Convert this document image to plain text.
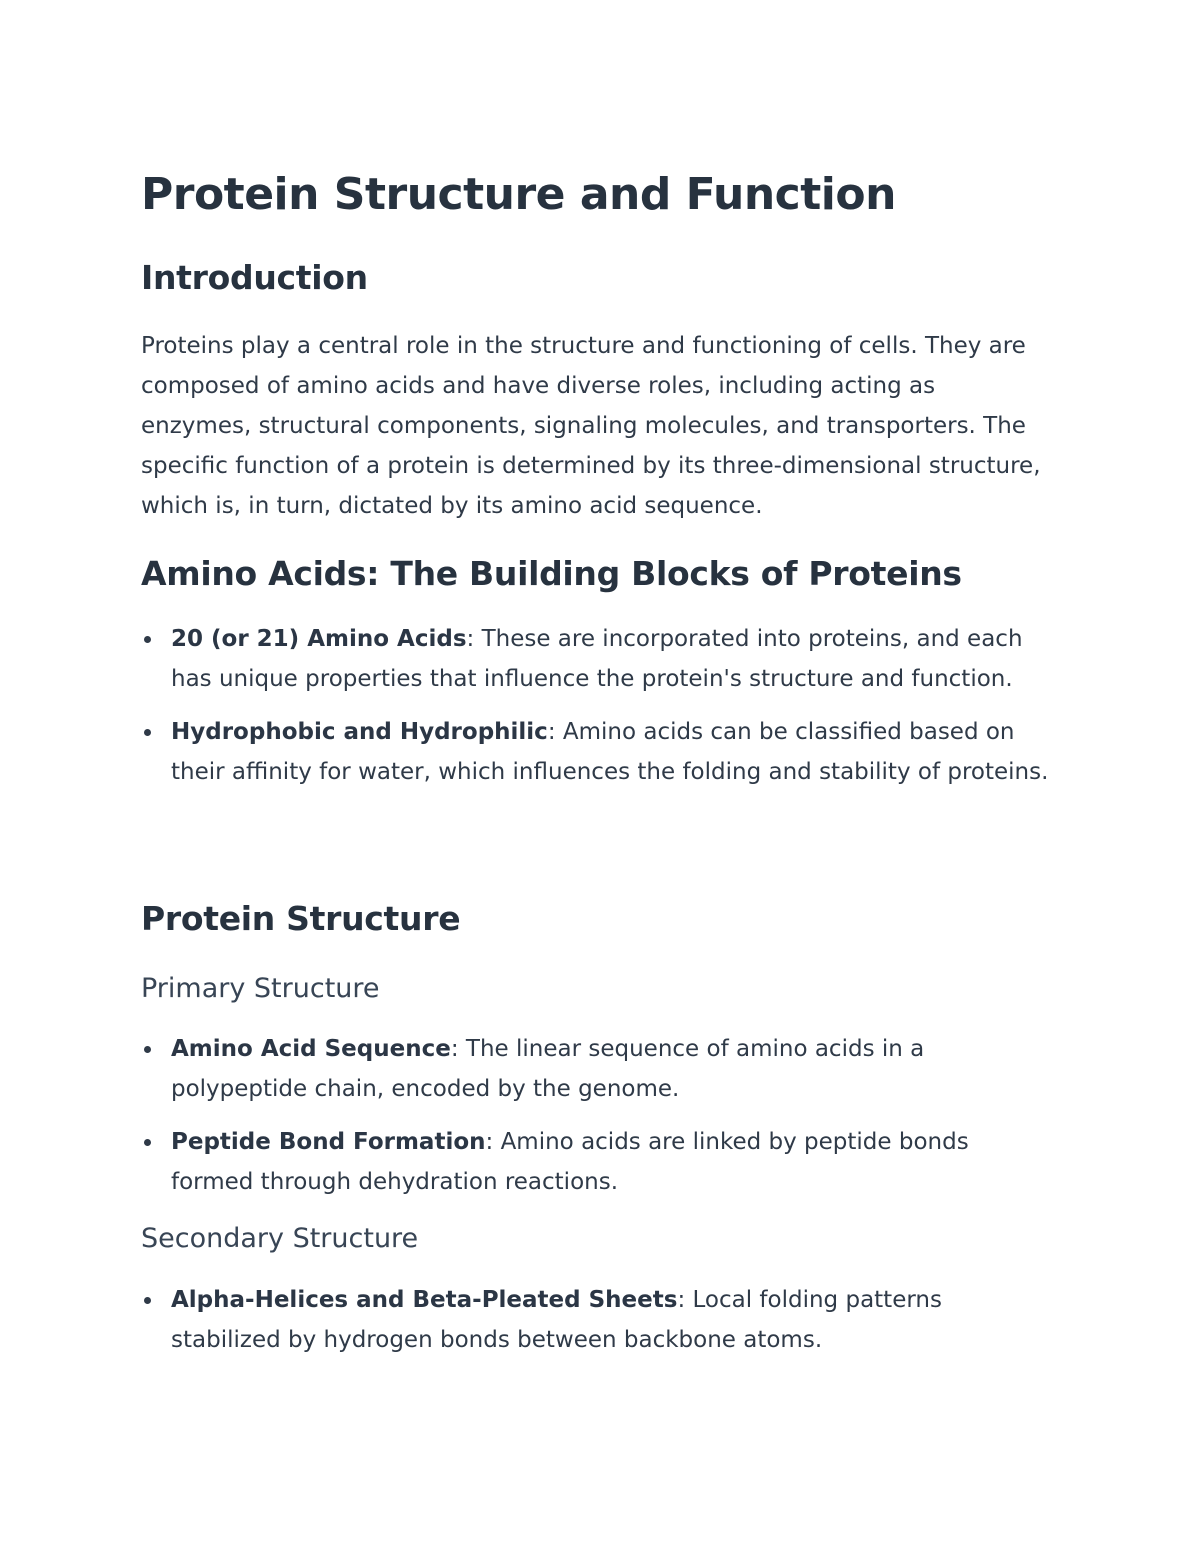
Protein Structure and Function
Introduction

Proteins play a central role in the structure and functioning of cells. They are composed of amino acids and have diverse roles, including acting as enzymes, structural components, signaling molecules, and transporters. The specific function of a protein is determined by its three-dimensional structure, which is, in turn, dictated by its amino acid sequence.

Amino Acids: The Building Blocks of Proteins
20 (or 21) Amino Acids: These are incorporated into proteins, and each has unique properties that influence the protein's structure and function.
Hydrophobic and Hydrophilic: Amino acids can be classified based on their affinity for water, which influences the folding and stability of proteins.
Protein Structure
Primary Structure
Amino Acid Sequence: The linear sequence of amino acids in a polypeptide chain, encoded by the genome.
Peptide Bond Formation: Amino acids are linked by peptide bonds formed through dehydration reactions.
Secondary Structure
Alpha-Helices and Beta-Pleated Sheets: Local folding patterns stabilized by hydrogen bonds between backbone atoms.
